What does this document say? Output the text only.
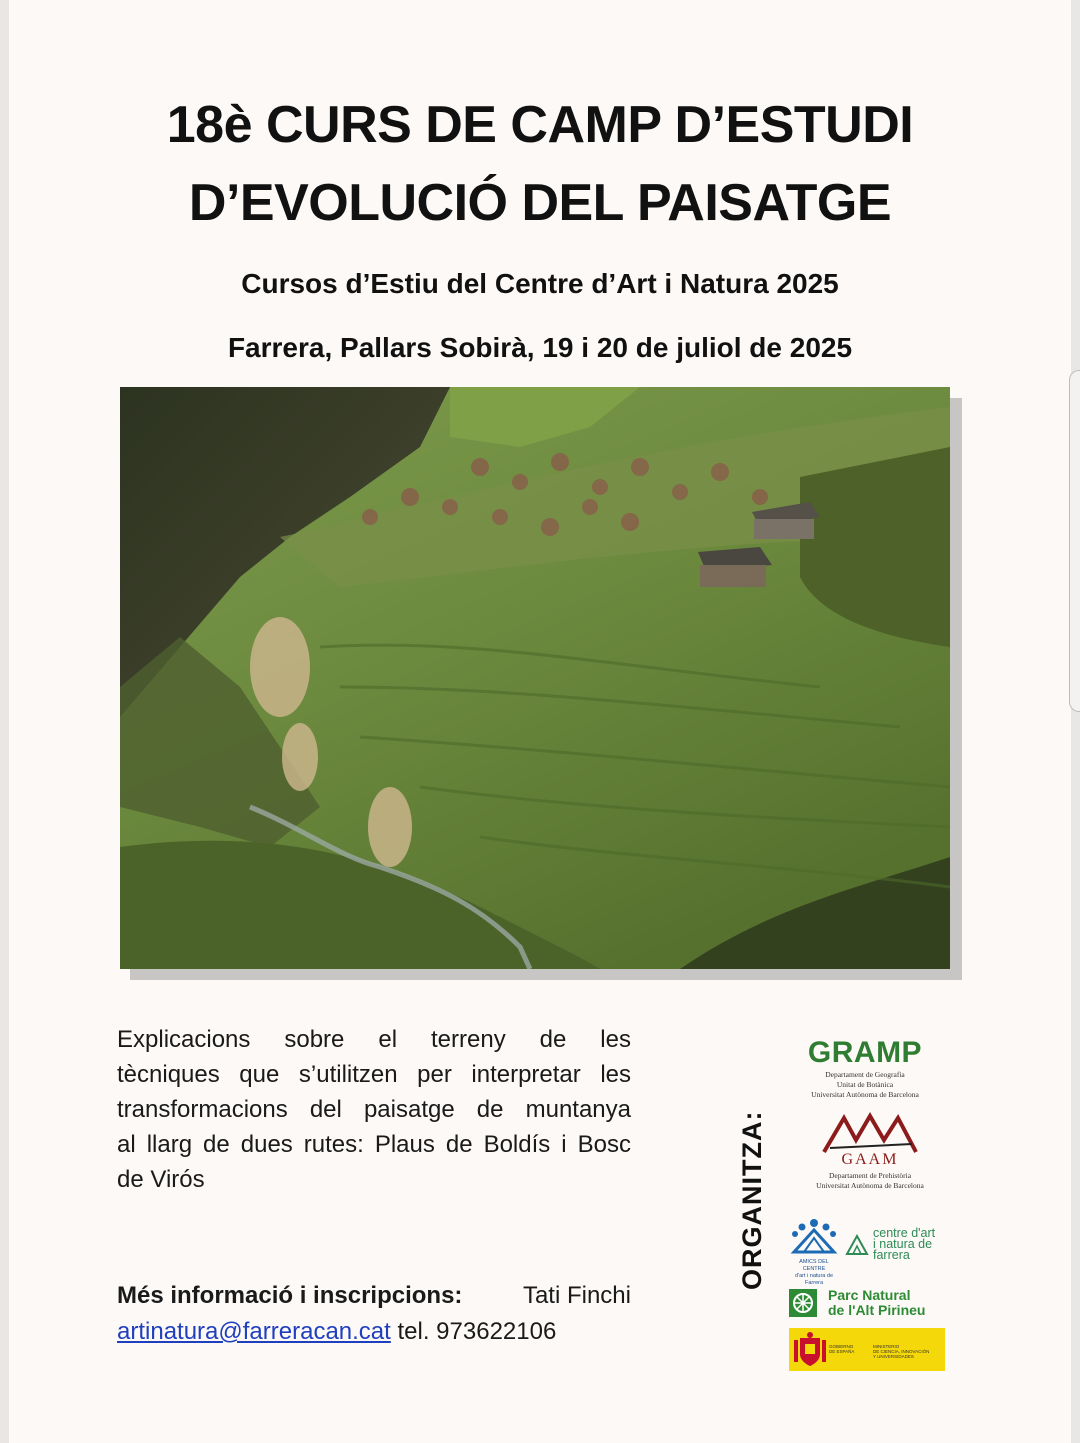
18è CURS DE CAMP D’ESTUDI
D’EVOLUCIÓ DEL PAISATGE
Cursos d’Estiu del Centre d’Art i Natura 2025
Farrera, Pallars Sobirà, 19 i 20 de juliol de 2025
Explicacions sobre el terreny de les
tècniques que s’utilitzen per interpretar les
transformacions del paisatge de muntanya
al llarg de dues rutes: Plaus de Boldís i Bosc
de Virós
Més informació i inscripcions:	Tati Finchi
artinatura@farreracan.cat tel. 973622106
ORGANITZA:
GRAMP
Departament de Geografia
Unitat de Botànica
Universitat Autònoma de Barcelona
GAAM
Departament de Prehistòria
Universitat Autònoma de Barcelona
AMICS DEL CENTRE
d'art i natura de Farrera
centre d'art
i natura de
farrera
Parc Natural
de l'Alt Pirineu
GOBIERNO
DE ESPAÑA
MINISTERIO
DE CIENCIA, INNOVACIÓN
Y UNIVERSIDADES
